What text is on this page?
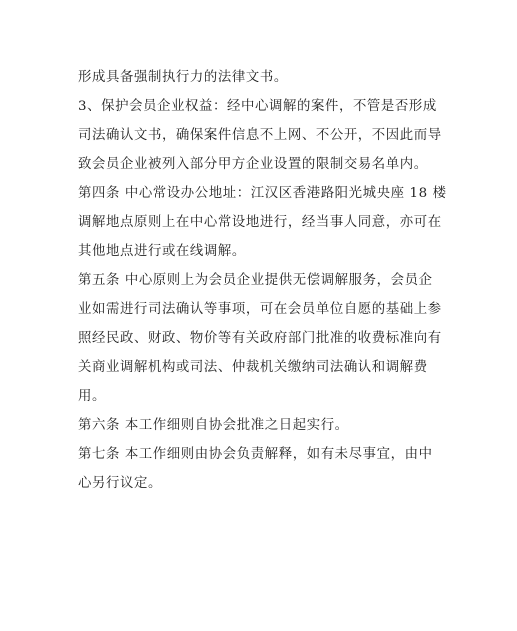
形成具备强制执行力的法律文书。

3、保护会员企业权益：经中心调解的案件，不管是否形成
司法确认文书，确保案件信息不上网、不公开，不因此而导
致会员企业被列入部分甲方企业设置的限制交易名单内。

第四条 中心常设办公地址：江汉区香港路阳光城央座 18 楼
调解地点原则上在中心常设地进行，经当事人同意，亦可在
其他地点进行或在线调解。

第五条 中心原则上为会员企业提供无偿调解服务，会员企
业如需进行司法确认等事项，可在会员单位自愿的基础上参
照经民政、财政、物价等有关政府部门批准的收费标准向有
关商业调解机构或司法、仲裁机关缴纳司法确认和调解费
用。

第六条 本工作细则自协会批准之日起实行。

第七条 本工作细则由协会负责解释，如有未尽事宜，由中
心另行议定。
